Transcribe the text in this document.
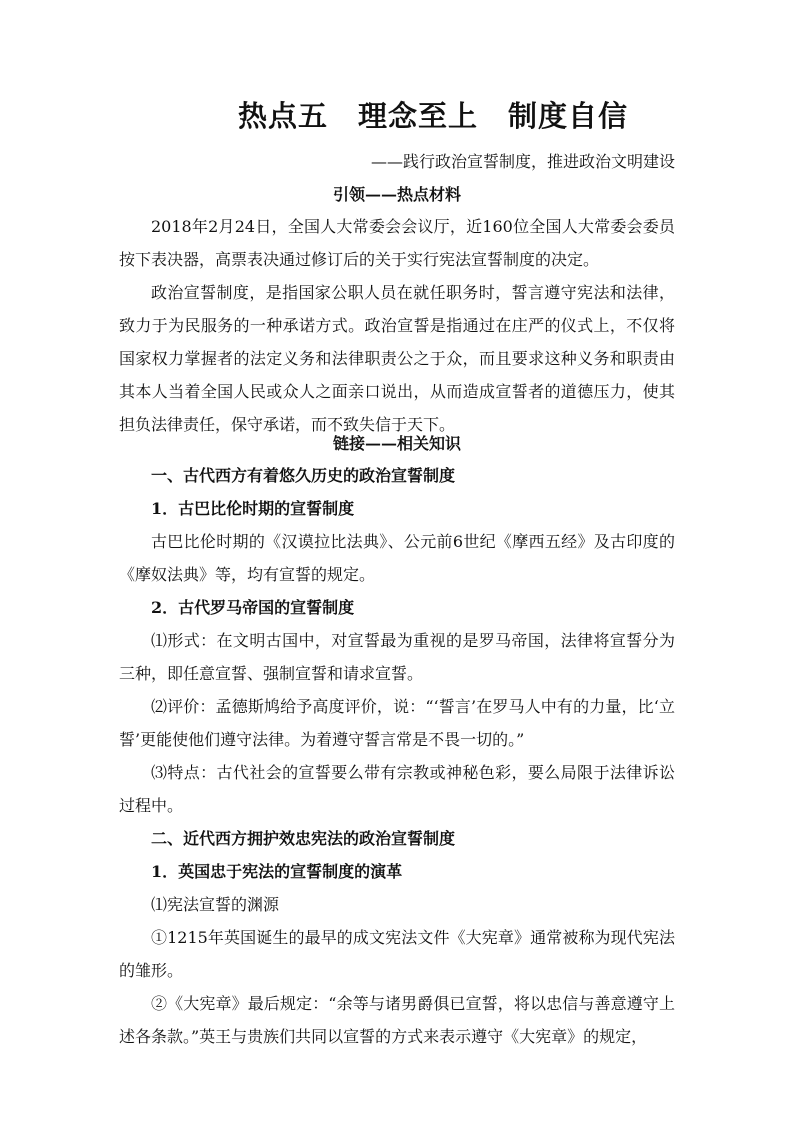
热点五　理念至上　制度自信
——践行政治宣誓制度，推进政治文明建设
引领——热点材料
2018年2月24日，全国人大常委会会议厅，近160位全国人大常委会委员按下表决器，高票表决通过修订后的关于实行宪法宣誓制度的决定。
政治宣誓制度，是指国家公职人员在就任职务时，誓言遵守宪法和法律，致力于为民服务的一种承诺方式。政治宣誓是指通过在庄严的仪式上，不仅将国家权力掌握者的法定义务和法律职责公之于众，而且要求这种义务和职责由其本人当着全国人民或众人之面亲口说出，从而造成宣誓者的道德压力，使其担负法律责任，保守承诺，而不致失信于天下。
链接——相关知识
一、古代西方有着悠久历史的政治宣誓制度
1．古巴比伦时期的宣誓制度
古巴比伦时期的《汉谟拉比法典》、公元前6世纪《摩西五经》及古印度的《摩奴法典》等，均有宣誓的规定。
2．古代罗马帝国的宣誓制度
⑴形式：在文明古国中，对宣誓最为重视的是罗马帝国，法律将宣誓分为三种，即任意宣誓、强制宣誓和请求宣誓。
⑵评价：孟德斯鸠给予高度评价，说：“‘誓言’在罗马人中有的力量，比‘立誓’更能使他们遵守法律。为着遵守誓言常是不畏一切的。”
⑶特点：古代社会的宣誓要么带有宗教或神秘色彩，要么局限于法律诉讼过程中。
二、近代西方拥护效忠宪法的政治宣誓制度
1．英国忠于宪法的宣誓制度的演革
⑴宪法宣誓的渊源
①1215年英国诞生的最早的成文宪法文件《大宪章》通常被称为现代宪法的雏形。
②《大宪章》最后规定：“余等与诸男爵俱已宣誓，将以忠信与善意遵守上述各条款。”英王与贵族们共同以宣誓的方式来表示遵守《大宪章》的规定，
